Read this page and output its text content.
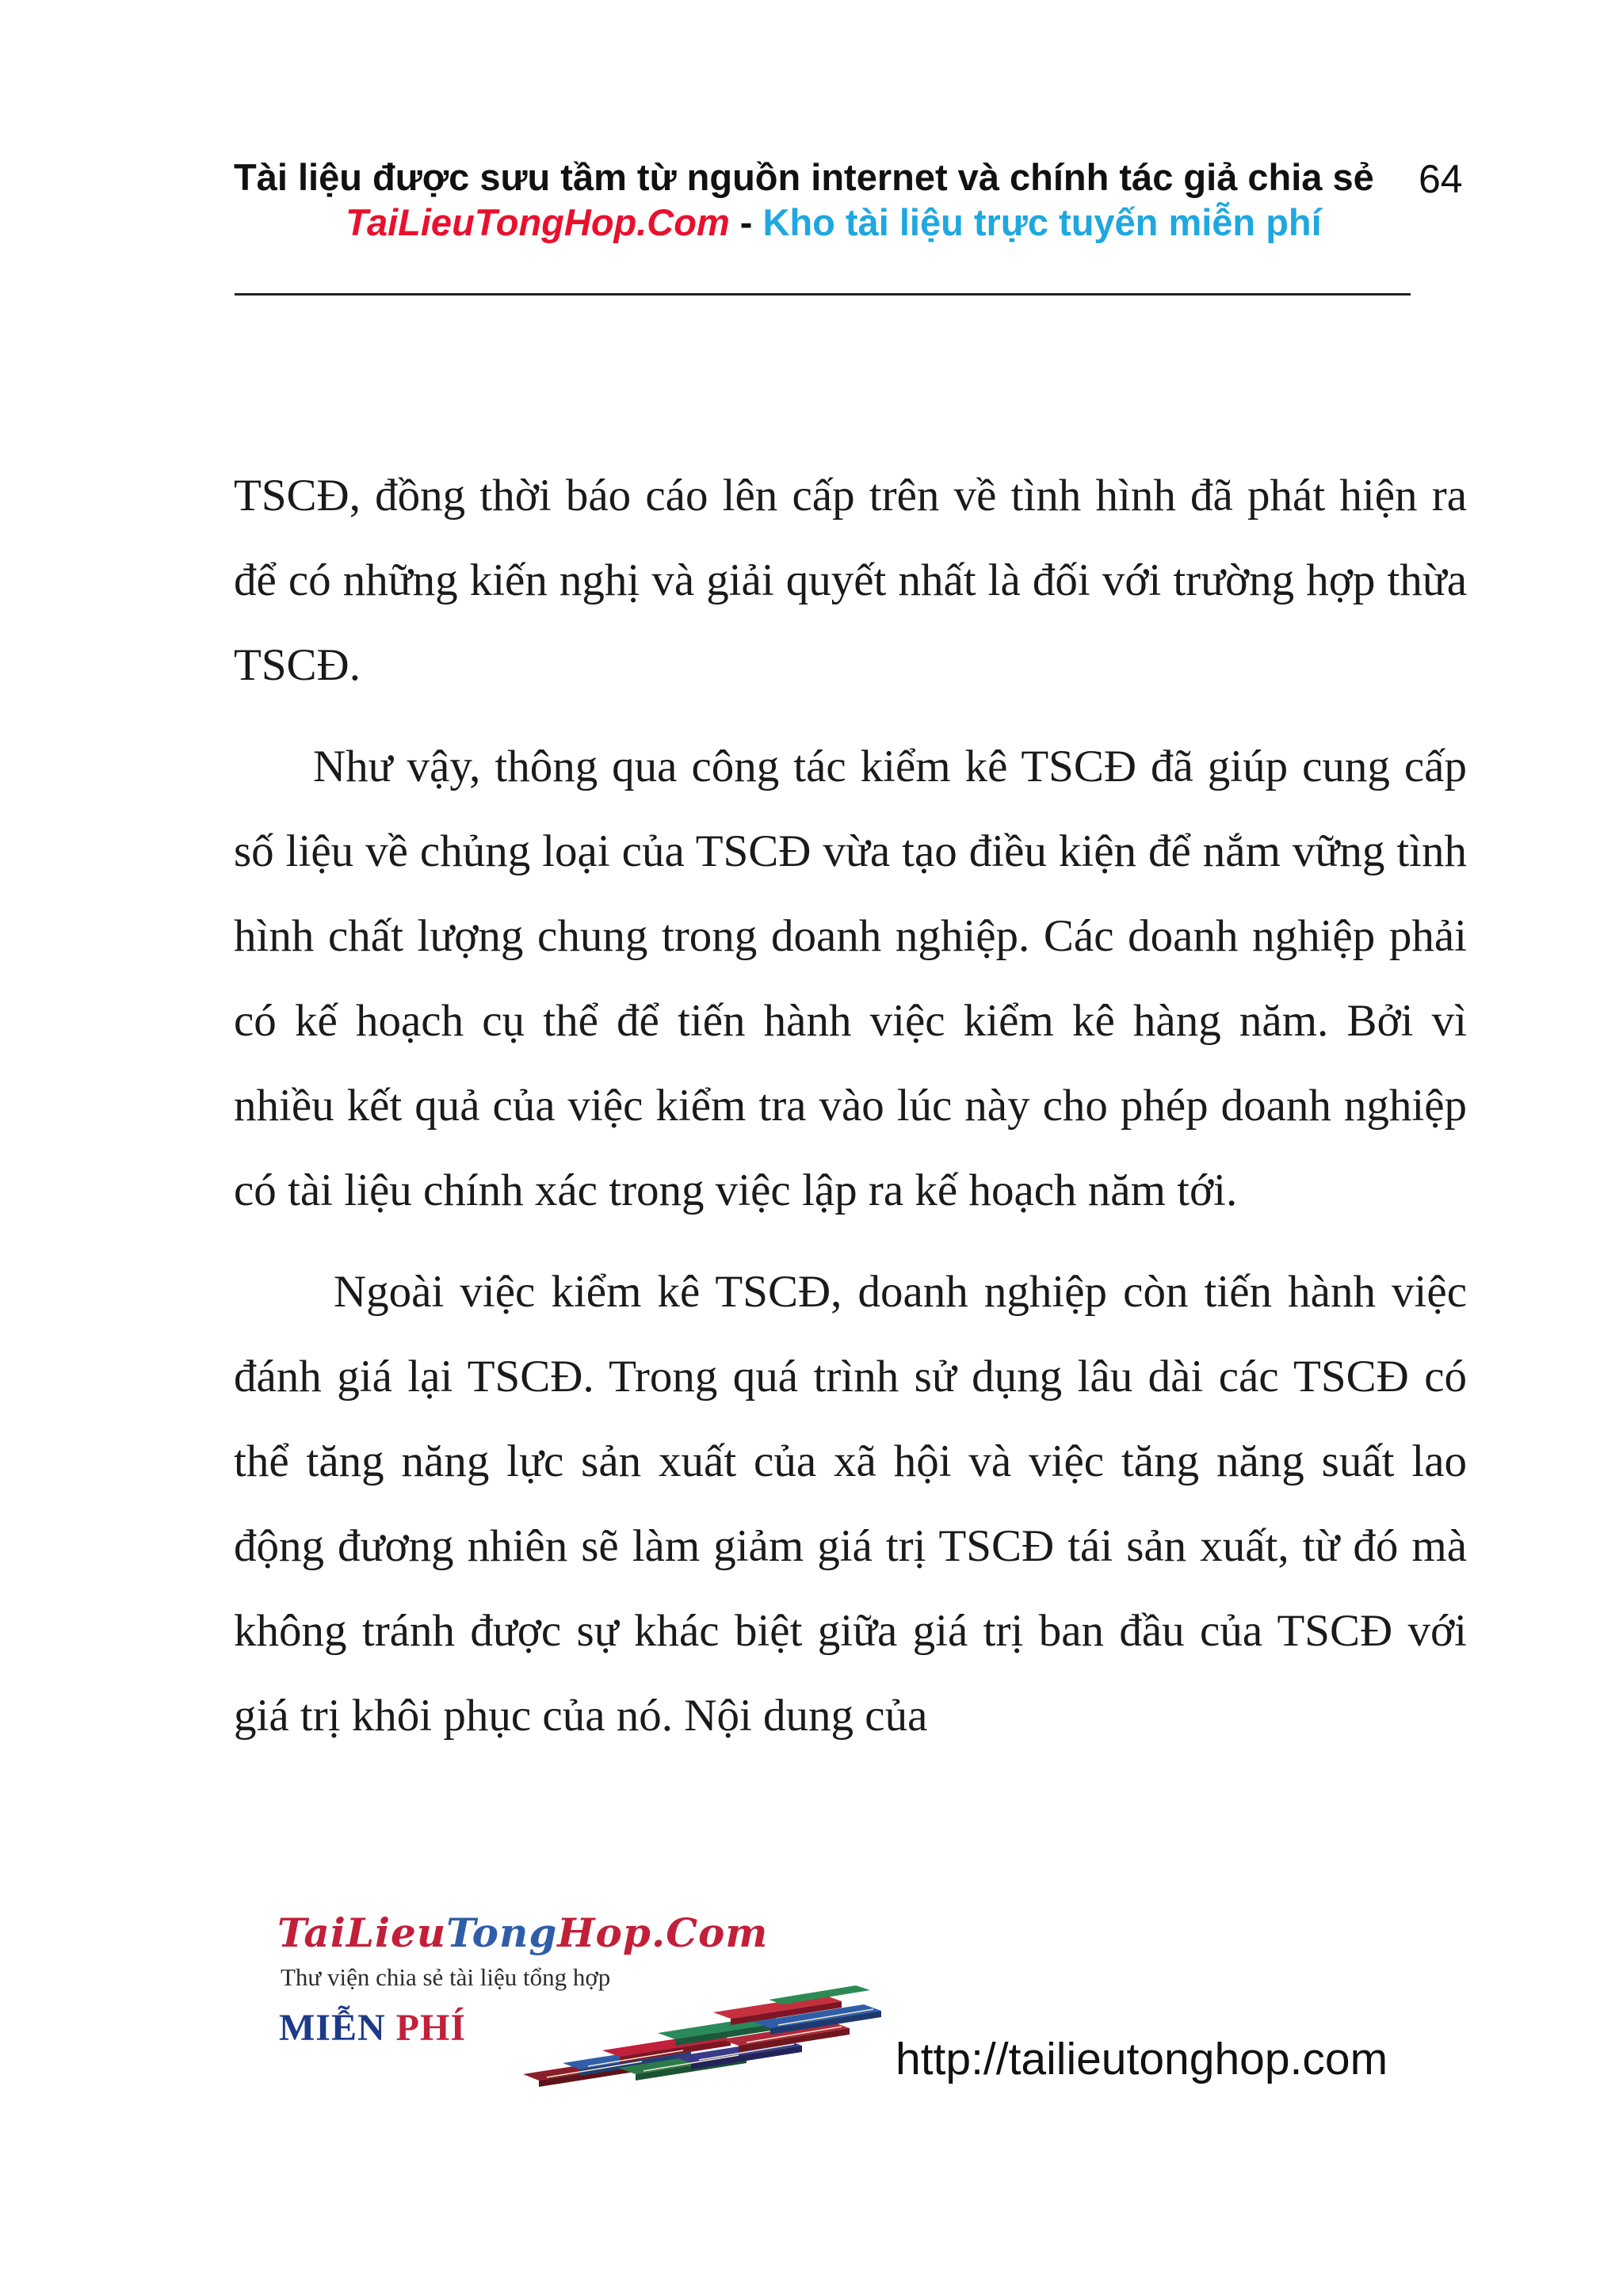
Tài liệu được sưu tầm từ nguồn internet và chính tác giả chia sẻ	64
TaiLieuTongHop.Com - Kho tài liệu trực tuyến miễn phí

TSCĐ, đồng thời báo cáo lên cấp trên về tình hình đã phát hiện ra để có những kiến nghị và giải quyết nhất là đối với trường hợp thừa TSCĐ.

Như vậy, thông qua công tác kiểm kê TSCĐ đã giúp cung cấp số liệu về chủng loại của TSCĐ vừa tạo điều kiện để nắm vững tình hình chất lượng chung trong doanh nghiệp. Các doanh nghiệp phải có kế hoạch cụ thể để tiến hành việc kiểm kê hàng năm. Bởi vì nhiều kết quả của việc kiểm tra vào lúc này cho phép doanh nghiệp có tài liệu chính xác trong việc lập ra kế hoạch năm tới.

Ngoài việc kiểm kê TSCĐ, doanh nghiệp còn tiến hành việc đánh giá lại TSCĐ. Trong quá trình sử dụng lâu dài các TSCĐ có thể tăng năng lực sản xuất của xã hội và việc tăng năng suất lao động đương nhiên sẽ làm giảm giá trị TSCĐ tái sản xuất, từ đó mà không tránh được sự khác biệt giữa giá trị ban đầu của TSCĐ với giá trị khôi phục của nó. Nội dung của

TaiLieuTongHop.Com
Thư viện chia sẻ tài liệu tổng hợp
MIỄN PHÍ
http://tailieutonghop.com
